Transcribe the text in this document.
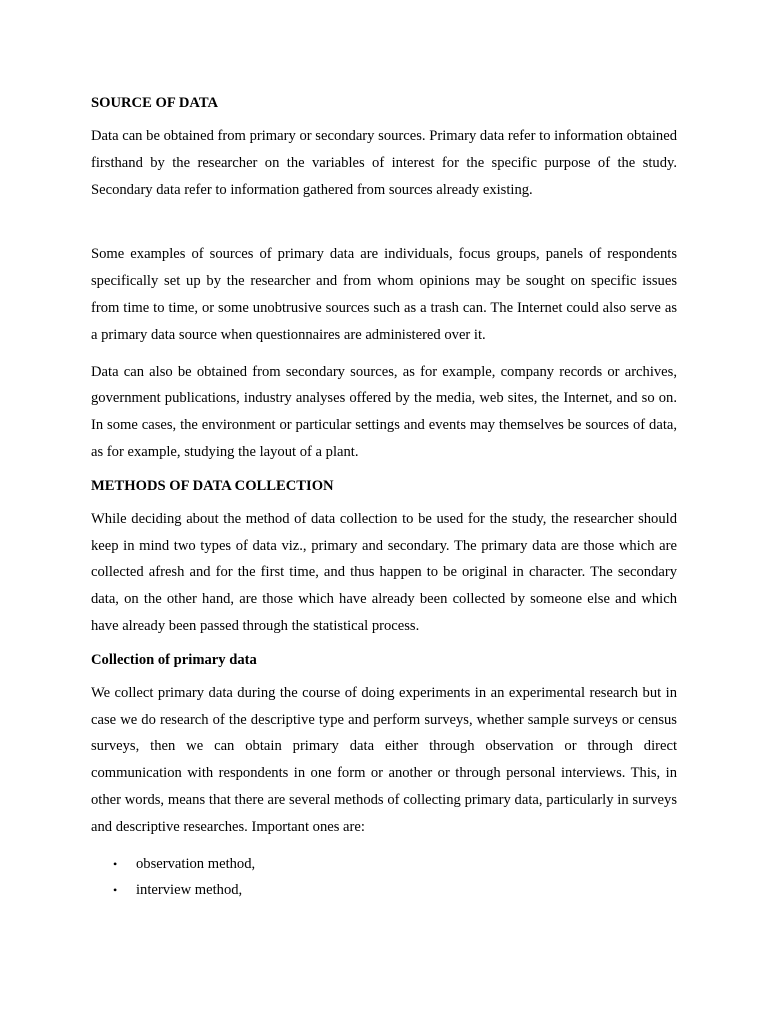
SOURCE OF DATA

Data can be obtained from primary or secondary sources. Primary data refer to information obtained firsthand by the researcher on the variables of interest for the specific purpose of the study. Secondary data refer to information gathered from sources already existing.

Some examples of sources of primary data are individuals, focus groups, panels of respondents specifically set up by the researcher and from whom opinions may be sought on specific issues from time to time, or some unobtrusive sources such as a trash can. The Internet could also serve as a primary data source when questionnaires are administered over it.

Data can also be obtained from secondary sources, as for example, company records or archives, government publications, industry analyses offered by the media, web sites, the Internet, and so on. In some cases, the environment or particular settings and events may themselves be sources of data, as for example, studying the layout of a plant.

METHODS OF DATA COLLECTION

While deciding about the method of data collection to be used for the study, the researcher should keep in mind two types of data viz., primary and secondary. The primary data are those which are collected afresh and for the first time, and thus happen to be original in character. The secondary data, on the other hand, are those which have already been collected by someone else and which have already been passed through the statistical process.

Collection of primary data

We collect primary data during the course of doing experiments in an experimental research but in case we do research of the descriptive type and perform surveys, whether sample surveys or census surveys, then we can obtain primary data either through observation or through direct communication with respondents in one form or another or through personal interviews. This, in other words, means that there are several methods of collecting primary data, particularly in surveys and descriptive researches. Important ones are:

• observation method,
• interview method,
